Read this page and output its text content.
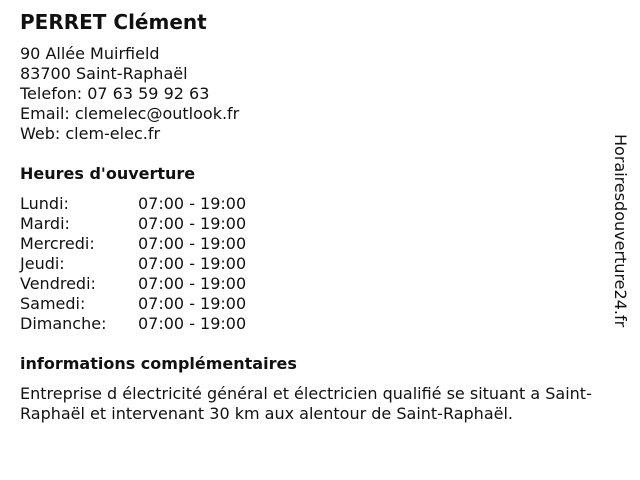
PERRET Clément
90 Allée Muirfield
83700 Saint-Raphaël
Telefon: 07 63 59 92 63
Email: clemelec@outlook.fr
Web: clem-elec.fr
Heures d'ouverture
Lundi:	07:00 - 19:00
Mardi:	07:00 - 19:00
Mercredi:	07:00 - 19:00
Jeudi:	07:00 - 19:00
Vendredi:	07:00 - 19:00
Samedi:	07:00 - 19:00
Dimanche: 07:00 - 19:00
informations complémentaires

Entreprise d électricité général et électricien qualifié se situant a Saint-Raphaël et intervenant 30 km aux alentour de Saint-Raphaël.

Horairesdouverture24.fr
